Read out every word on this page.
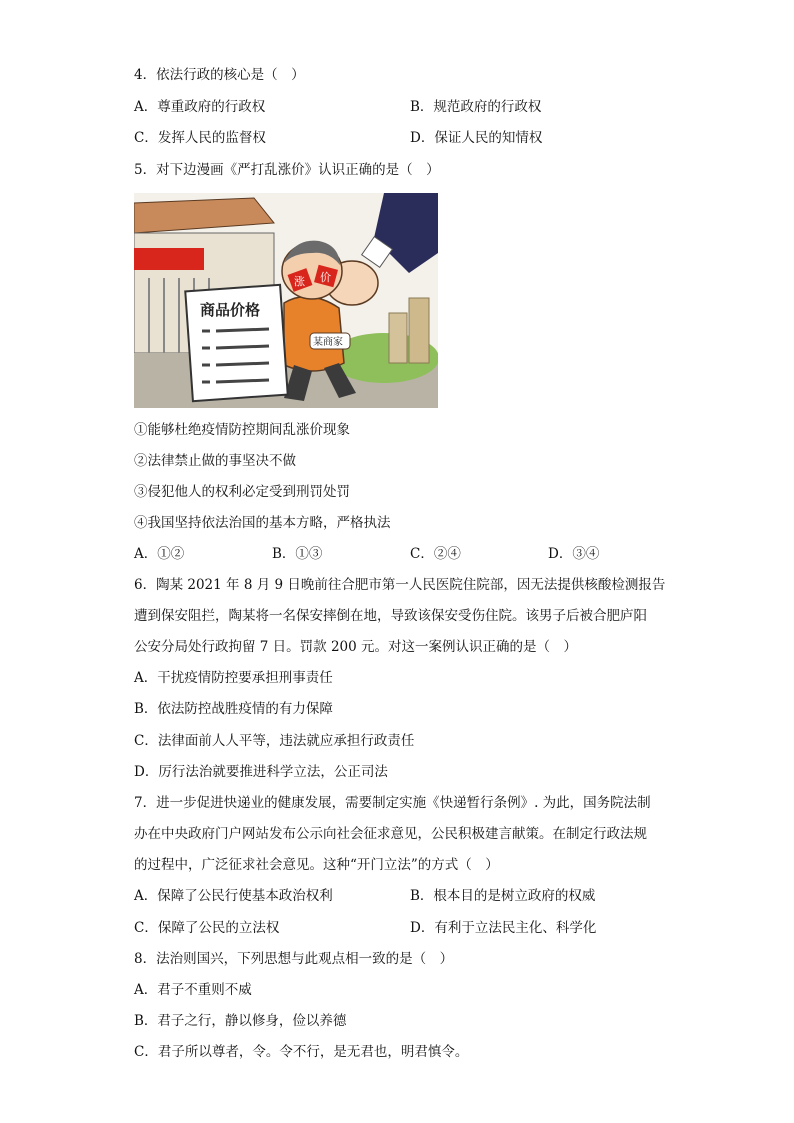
4．依法行政的核心是（　）
A．尊重政府的行政权	B．规范政府的行政权
C．发挥人民的监督权	D．保证人民的知情权
5．对下边漫画《严打乱涨价》认识正确的是（　）
涨 价
某商家
商品价格
①能够杜绝疫情防控期间乱涨价现象
②法律禁止做的事坚决不做
③侵犯他人的权利必定受到刑罚处罚
④我国坚持依法治国的基本方略，严格执法
A．①②	B．①③	C．②④	D．③④
6．陶某 2021 年 8 月 9 日晚前往合肥市第一人民医院住院部，因无法提供核酸检测报告
遭到保安阻拦，陶某将一名保安摔倒在地，导致该保安受伤住院。该男子后被合肥庐阳
公安分局处行政拘留 7 日。罚款 200 元。对这一案例认识正确的是（　）
A．干扰疫情防控要承担刑事责任
B．依法防控战胜疫情的有力保障
C．法律面前人人平等，违法就应承担行政责任
D．厉行法治就要推进科学立法，公正司法
7．进一步促进快递业的健康发展，需要制定实施《快递暂行条例》. 为此，国务院法制
办在中央政府门户网站发布公示向社会征求意见，公民积极建言献策。在制定行政法规
的过程中，广泛征求社会意见。这种“开门立法”的方式（　）
A．保障了公民行使基本政治权利	B．根本目的是树立政府的权威
C．保障了公民的立法权	D．有利于立法民主化、科学化
8．法治则国兴，下列思想与此观点相一致的是（　）
A．君子不重则不威
B．君子之行，静以修身，俭以养德
C．君子所以尊者，令。令不行，是无君也，明君慎令。
